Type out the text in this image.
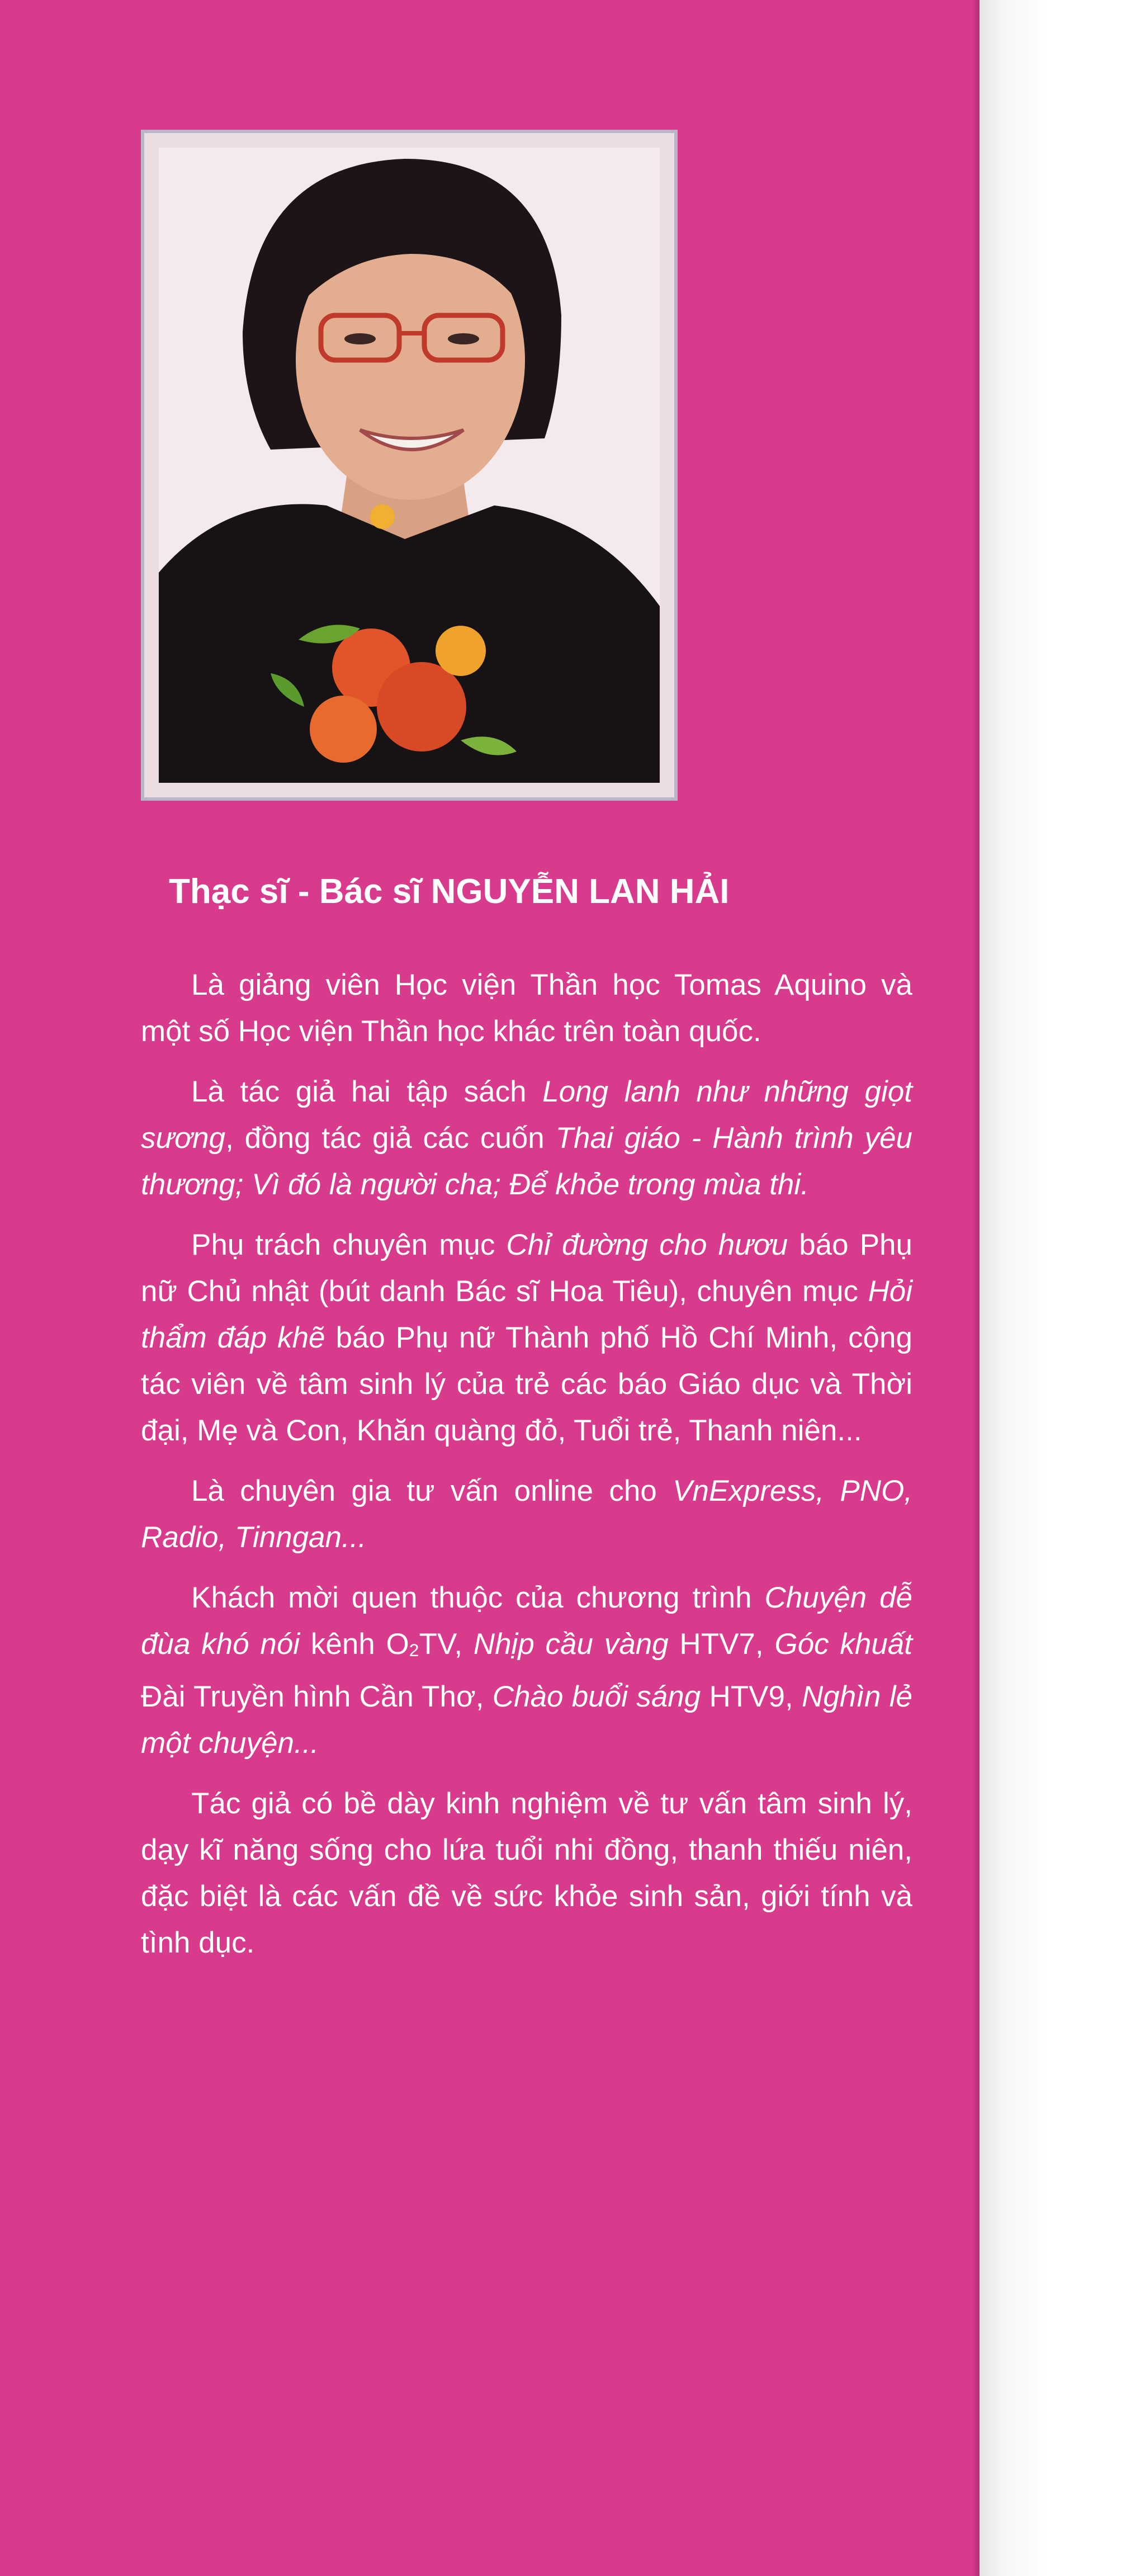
Thạc sĩ - Bác sĩ NGUYỄN LAN HẢI

Là giảng viên Học viện Thần học Tomas Aquino và một số Học viện Thần học khác trên toàn quốc.

Là tác giả hai tập sách Long lanh như những giọt sương, đồng tác giả các cuốn Thai giáo - Hành trình yêu thương; Vì đó là người cha; Để khỏe trong mùa thi.

Phụ trách chuyên mục Chỉ đường cho hươu báo Phụ nữ Chủ nhật (bút danh Bác sĩ Hoa Tiêu), chuyên mục Hỏi thẩm đáp khẽ báo Phụ nữ Thành phố Hồ Chí Minh, cộng tác viên về tâm sinh lý của trẻ các báo Giáo dục và Thời đại, Mẹ và Con, Khăn quàng đỏ, Tuổi trẻ, Thanh niên...

Là chuyên gia tư vấn online cho VnExpress, PNO, Radio, Tinngan...

Khách mời quen thuộc của chương trình Chuyện dễ đùa khó nói kênh $O_2TV$, Nhịp cầu vàng HTV7, Góc khuất Đài Truyền hình Cần Thơ, Chào buổi sáng HTV9, Nghìn lẻ một chuyện...

Tác giả có bề dày kinh nghiệm về tư vấn tâm sinh lý, dạy kĩ năng sống cho lứa tuổi nhi đồng, thanh thiếu niên, đặc biệt là các vấn đề về sức khỏe sinh sản, giới tính và tình dục.
